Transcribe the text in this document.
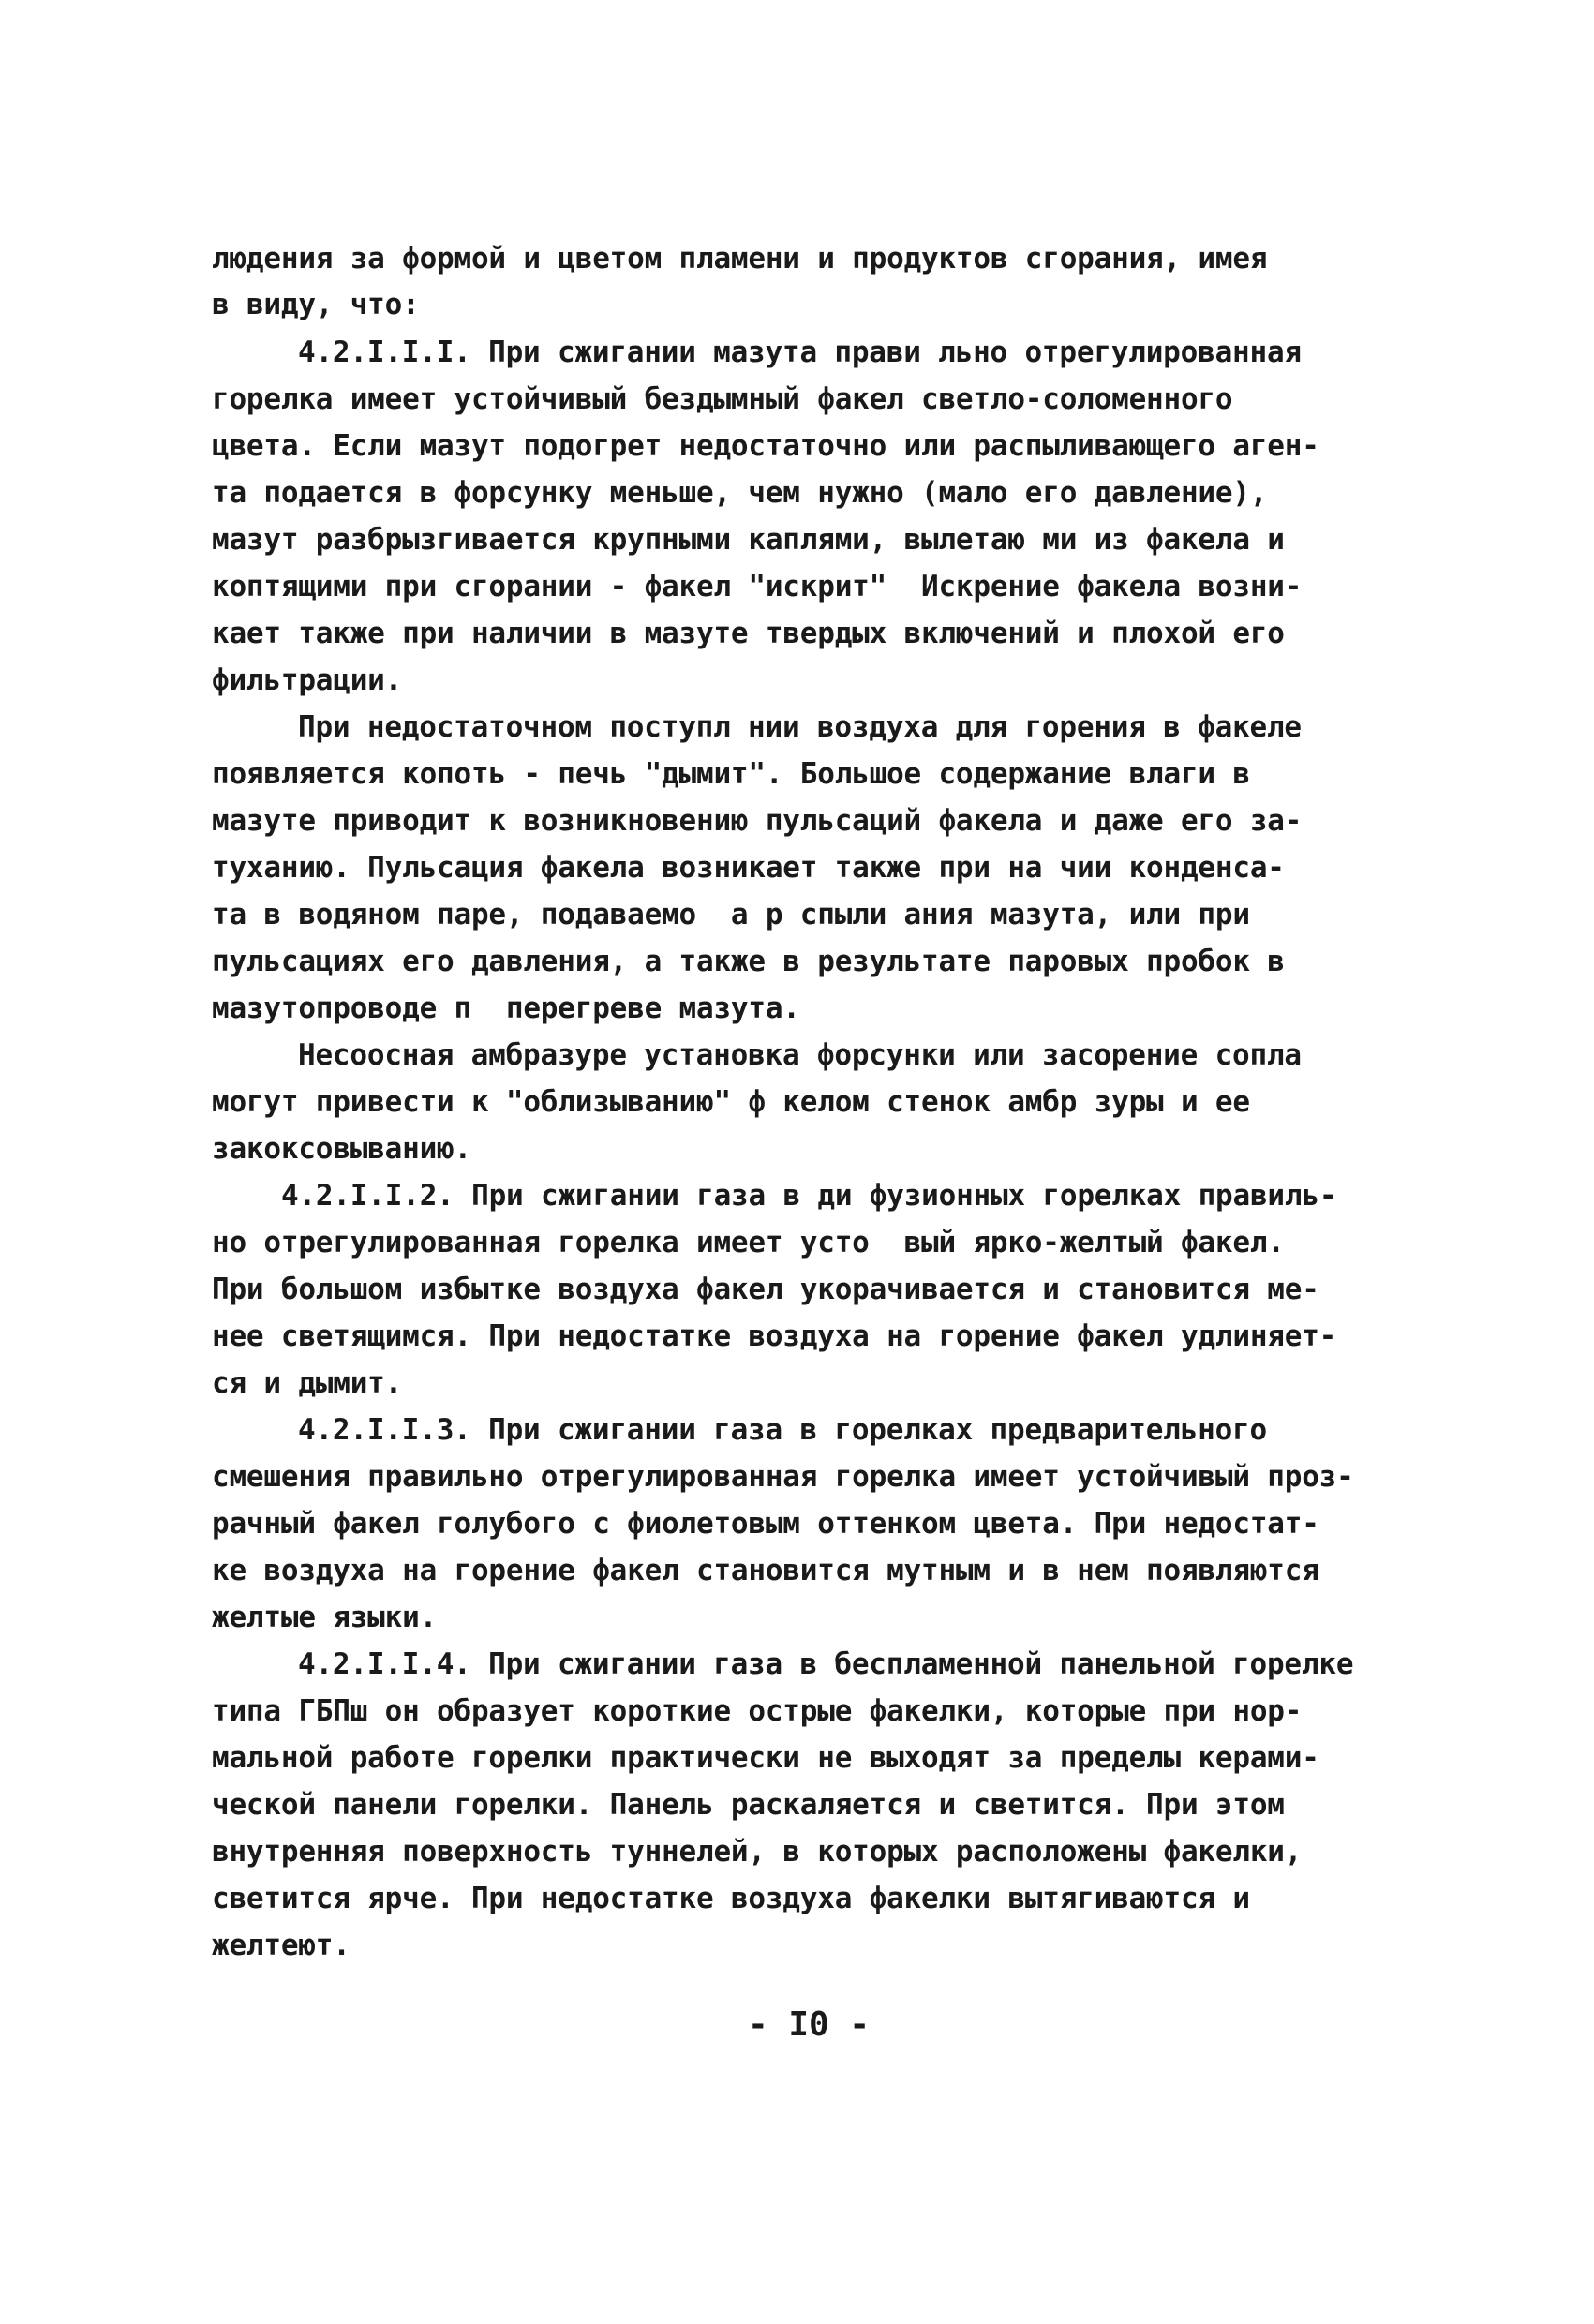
людения за формой и цветом пламени и продуктов сгорания, имея
в виду, что:
4.2.I.I.I. При сжигании мазута прави льно отрегулированная
горелка имеет устойчивый бездымный факел светло-соломенного
цвета. Если мазут подогрет недостаточно или распыливающего аген-
та подается в форсунку меньше, чем нужно (мало его давление),
мазут разбрызгивается крупными каплями, вылетаю ми из факела и
коптящими при сгорании - факел "искрит"  Искрение факела возни-
кает также при наличии в мазуте твердых включений и плохой его
фильтрации.
При недостаточном поступл нии воздуха для горения в факеле
появляется копоть - печь "дымит". Большое содержание влаги в
мазуте приводит к возникновению пульсаций факела и даже его за-
туханию. Пульсация факела возникает также при на чии конденса-
та в водяном паре, подаваемо  а р спыли ания мазута, или при
пульсациях его давления, а также в результате паровых пробок в
мазутопроводе п  перегреве мазута.
Несоосная амбразуре установка форсунки или засорение сопла
могут привести к "облизыванию" ф келом стенок амбр зуры и ее
закоксовыванию.
4.2.I.I.2. При сжигании газа в ди фузионных горелках правиль-
но отрегулированная горелка имеет усто  вый ярко-желтый факел.
При большом избытке воздуха факел укорачивается и становится ме-
нее светящимся. При недостатке воздуха на горение факел удлиняет-
ся и дымит.
4.2.I.I.3. При сжигании газа в горелках предварительного
смешения правильно отрегулированная горелка имеет устойчивый проз-
рачный факел голубого с фиолетовым оттенком цвета. При недостат-
ке воздуха на горение факел становится мутным и в нем появляются
желтые языки.
4.2.I.I.4. При сжигании газа в беспламенной панельной горелке
типа ГБПш он образует короткие острые факелки, которые при нор-
мальной работе горелки практически не выходят за пределы керами-
ческой панели горелки. Панель раскаляется и светится. При этом
внутренняя поверхность туннелей, в которых расположены факелки,
светится ярче. При недостатке воздуха факелки вытягиваются и
желтеют.
- I0 -
